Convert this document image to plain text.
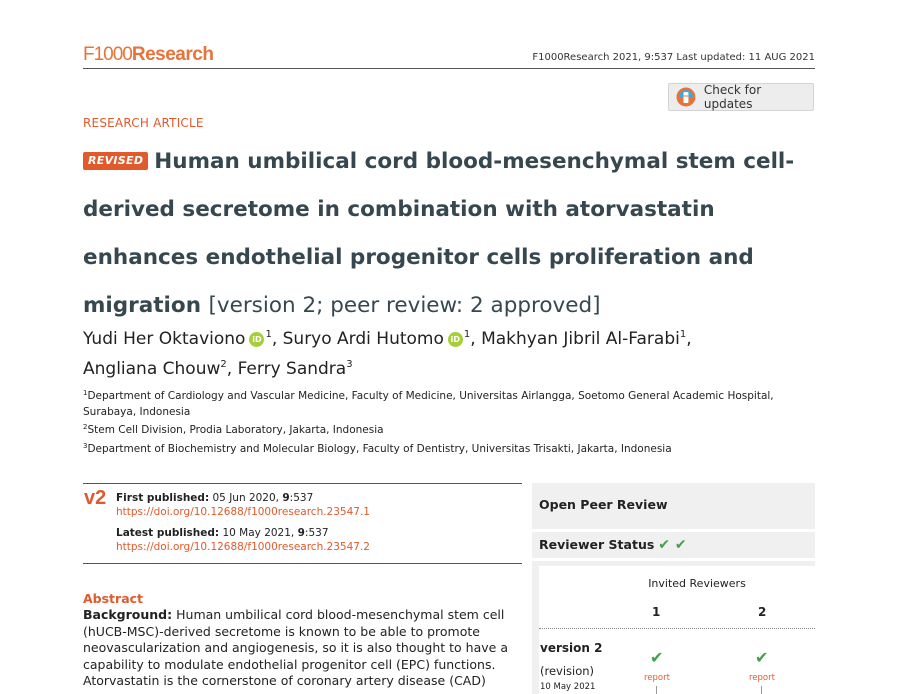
F1000Research	F1000Research 2021, 9:537 Last updated: 11 AUG 2021
Check for updates
RESEARCH ARTICLE
REVISED Human umbilical cord blood-mesenchymal stem cell-derived secretome in combination with atorvastatin enhances endothelial progenitor cells proliferation and migration [version 2; peer review: 2 approved]
Yudi Her Oktaviono iD $^1$, Suryo Ardi Hutomo iD $^1$, Makhyan Jibril Al-Farabi$^1$,
Angliana Chouw$^2$, Ferry Sandra$^3$
$^1$Department of Cardiology and Vascular Medicine, Faculty of Medicine, Universitas Airlangga, Soetomo General Academic Hospital, Surabaya, Indonesia
$^2$Stem Cell Division, Prodia Laboratory, Jakarta, Indonesia
$^3$Department of Biochemistry and Molecular Biology, Faculty of Dentistry, Universitas Trisakti, Jakarta, Indonesia
v2 First published: 05 Jun 2020, 9:537
https://doi.org/10.12688/f1000research.23547.1
Latest published: 10 May 2021, 9:537
https://doi.org/10.12688/f1000research.23547.2
Abstract
Background: Human umbilical cord blood-mesenchymal stem cell (hUCB-MSC)-derived secretome is known to be able to promote neovascularization and angiogenesis, so it is also thought to have a capability to modulate endothelial progenitor cell (EPC) functions. Atorvastatin is the cornerstone of coronary artery disease (CAD)
Open Peer Review
Reviewer Status ✔ ✔
Invited Reviewers
1	2
version 2
(revision)
10 May 2021
✔	✔
report	report
